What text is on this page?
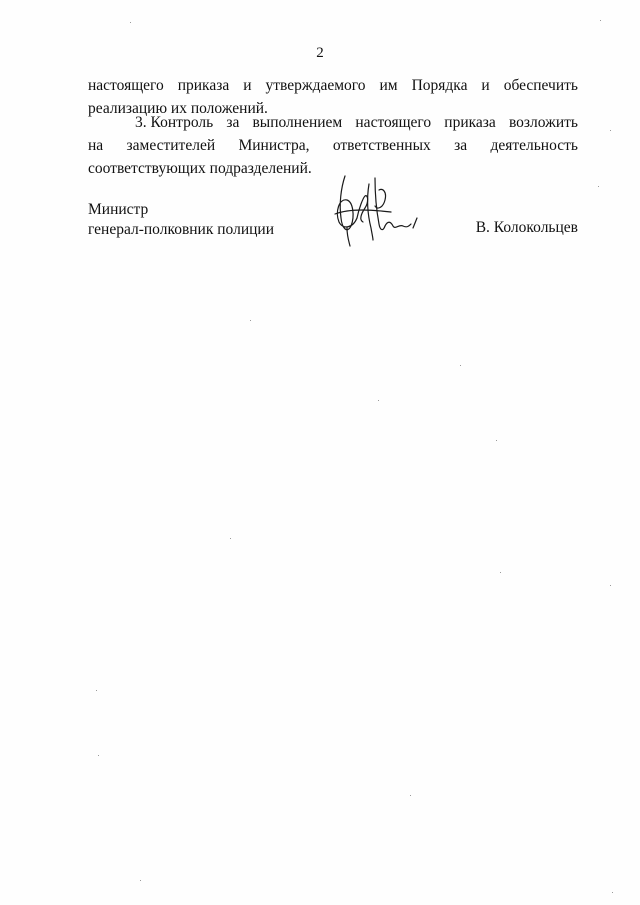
2
настоящего приказа и утверждаемого им Порядка и обеспечить
реализацию их положений.
3. Контроль за выполнением настоящего приказа возложить
на заместителей Министра, ответственных за деятельность
соответствующих подразделений.
Министр
генерал-полковник полиции	В. Колокольцев
